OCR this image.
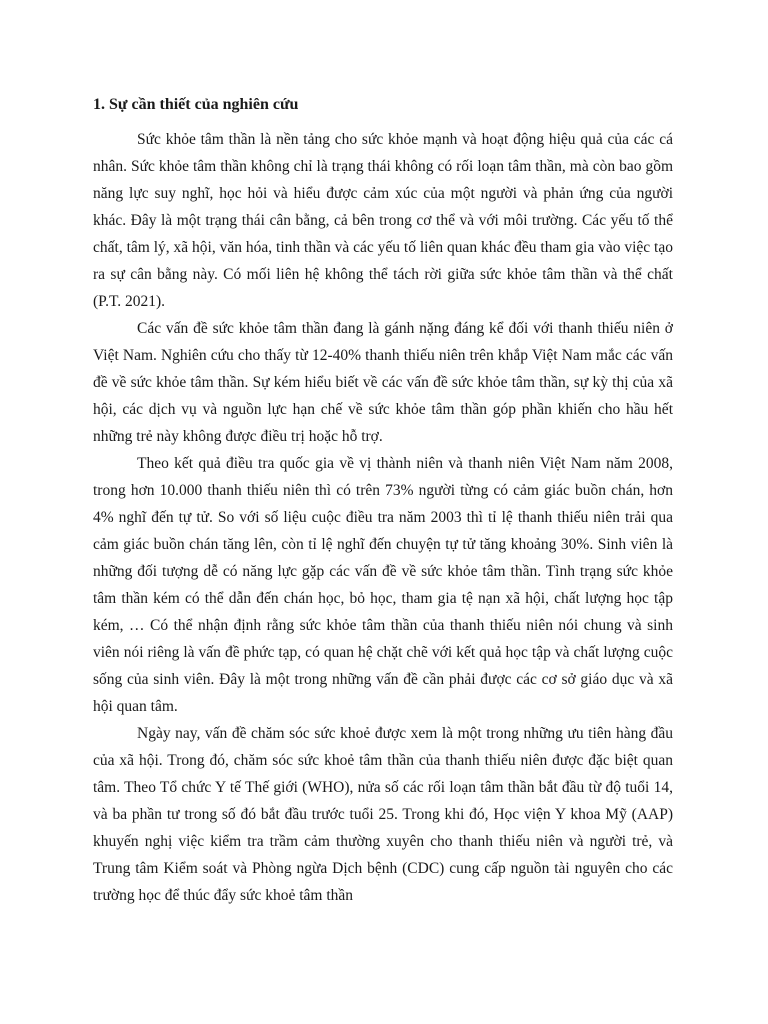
1. Sự cần thiết của nghiên cứu

Sức khỏe tâm thần là nền tảng cho sức khỏe mạnh và hoạt động hiệu quả của các cá nhân. Sức khỏe tâm thần không chỉ là trạng thái không có rối loạn tâm thần, mà còn bao gồm năng lực suy nghĩ, học hỏi và hiểu được cảm xúc của một người và phản ứng của người khác. Đây là một trạng thái cân bằng, cả bên trong cơ thể và với môi trường. Các yếu tố thể chất, tâm lý, xã hội, văn hóa, tinh thần và các yếu tố liên quan khác đều tham gia vào việc tạo ra sự cân bằng này. Có mối liên hệ không thể tách rời giữa sức khỏe tâm thần và thể chất (P.T. 2021).

Các vấn đề sức khỏe tâm thần đang là gánh nặng đáng kể đối với thanh thiếu niên ở Việt Nam. Nghiên cứu cho thấy từ 12-40% thanh thiếu niên trên khắp Việt Nam mắc các vấn đề về sức khỏe tâm thần. Sự kém hiểu biết về các vấn đề sức khỏe tâm thần, sự kỳ thị của xã hội, các dịch vụ và nguồn lực hạn chế về sức khỏe tâm thần góp phần khiến cho hầu hết những trẻ này không được điều trị hoặc hỗ trợ.

Theo kết quả điều tra quốc gia về vị thành niên và thanh niên Việt Nam năm 2008, trong hơn 10.000 thanh thiếu niên thì có trên 73% người từng có cảm giác buồn chán, hơn 4% nghĩ đến tự tử. So với số liệu cuộc điều tra năm 2003 thì tỉ lệ thanh thiếu niên trải qua cảm giác buồn chán tăng lên, còn tỉ lệ nghĩ đến chuyện tự tử tăng khoảng 30%. Sinh viên là những đối tượng dễ có năng lực gặp các vấn đề về sức khỏe tâm thần. Tình trạng sức khỏe tâm thần kém có thể dẫn đến chán học, bỏ học, tham gia tệ nạn xã hội, chất lượng học tập kém, … Có thể nhận định rằng sức khỏe tâm thần của thanh thiếu niên nói chung và sinh viên nói riêng là vấn đề phức tạp, có quan hệ chặt chẽ với kết quả học tập và chất lượng cuộc sống của sinh viên. Đây là một trong những vấn đề cần phải được các cơ sở giáo dục và xã hội quan tâm.

Ngày nay, vấn đề chăm sóc sức khoẻ được xem là một trong những ưu tiên hàng đầu của xã hội. Trong đó, chăm sóc sức khoẻ tâm thần của thanh thiếu niên được đặc biệt quan tâm. Theo Tổ chức Y tế Thế giới (WHO), nửa số các rối loạn tâm thần bắt đầu từ độ tuổi 14, và ba phần tư trong số đó bắt đầu trước tuổi 25. Trong khi đó, Học viện Y khoa Mỹ (AAP) khuyến nghị việc kiểm tra trầm cảm thường xuyên cho thanh thiếu niên và người trẻ, và Trung tâm Kiểm soát và Phòng ngừa Dịch bệnh (CDC) cung cấp nguồn tài nguyên cho các trường học để thúc đẩy sức khoẻ tâm thần
